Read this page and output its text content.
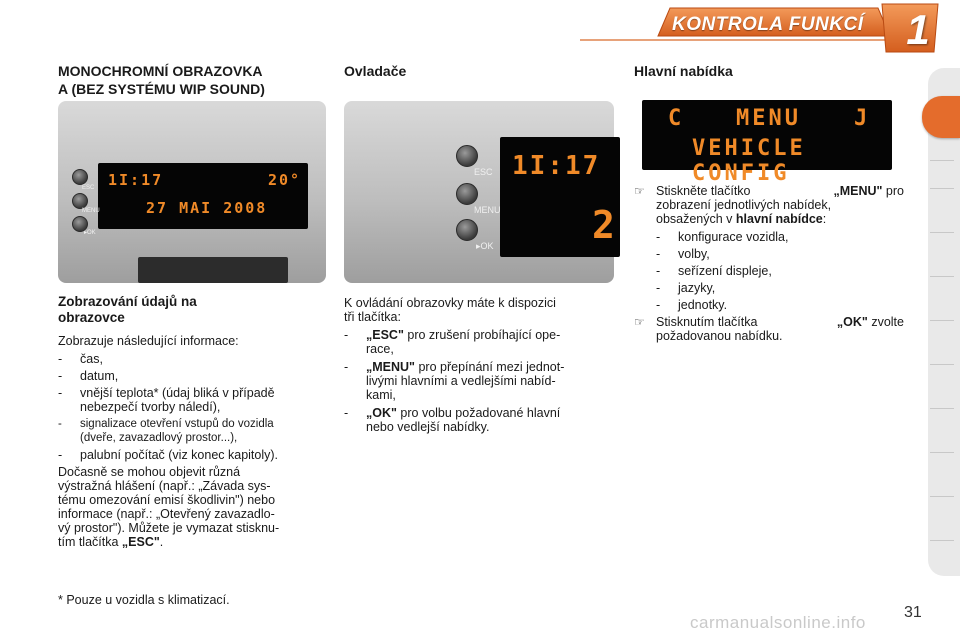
KONTROLA FUNKCÍ 1
MONOCHROMNÍ OBRAZOVKA
A (BEZ SYSTÉMU WIP SOUND)
1I:17	20°
27 MAI 2008
ESC
MENU
▸OK
Zobrazování údajů na
obrazovce

Zobrazuje následující informace:

- čas,
- datum,
- vnější teplota* (údaj bliká v případě
nebezpečí tvorby náledí),
- signalizace otevření vstupů do vozidla
(dveře, zavazadlový prostor...),
- palubní počítač (viz konec kapitoly).
Dočasně se mohou objevit různá
výstražná hlášení (např.: „Závada sys-
tému omezování emisí škodlivin") nebo
informace (např.: „Otevřený zavazadlo-
vý prostor"). Můžete je vymazat stisknu-
tím tlačítka „ESC".
* Pouze u vozidla s klimatizací.
Ovladače
1I:17
2
ESC
MENU
▸OK
K ovládání obrazovky máte k dispozici
tři tlačítka:
- „ESC" pro zrušení probíhající ope-
race,
- „MENU" pro přepínání mezi jednot-
livými hlavními a vedlejšími nabíd-
kami,
- „OK" pro volbu požadované hlavní
nebo vedlejší nabídky.
Hlavní nabídka
C MENU J
VEHICLE CONFIG
☞ Stiskněte tlačítko	„MENU" pro
zobrazení jednotlivých nabídek,
obsažených v hlavní nabídce:
- konfigurace vozidla,
- volby,
- seřízení displeje,
- jazyky,
- jednotky.
☞ Stisknutím tlačítka	„OK" zvolte
požadovanou nabídku.
carmanualsonline.info
31
